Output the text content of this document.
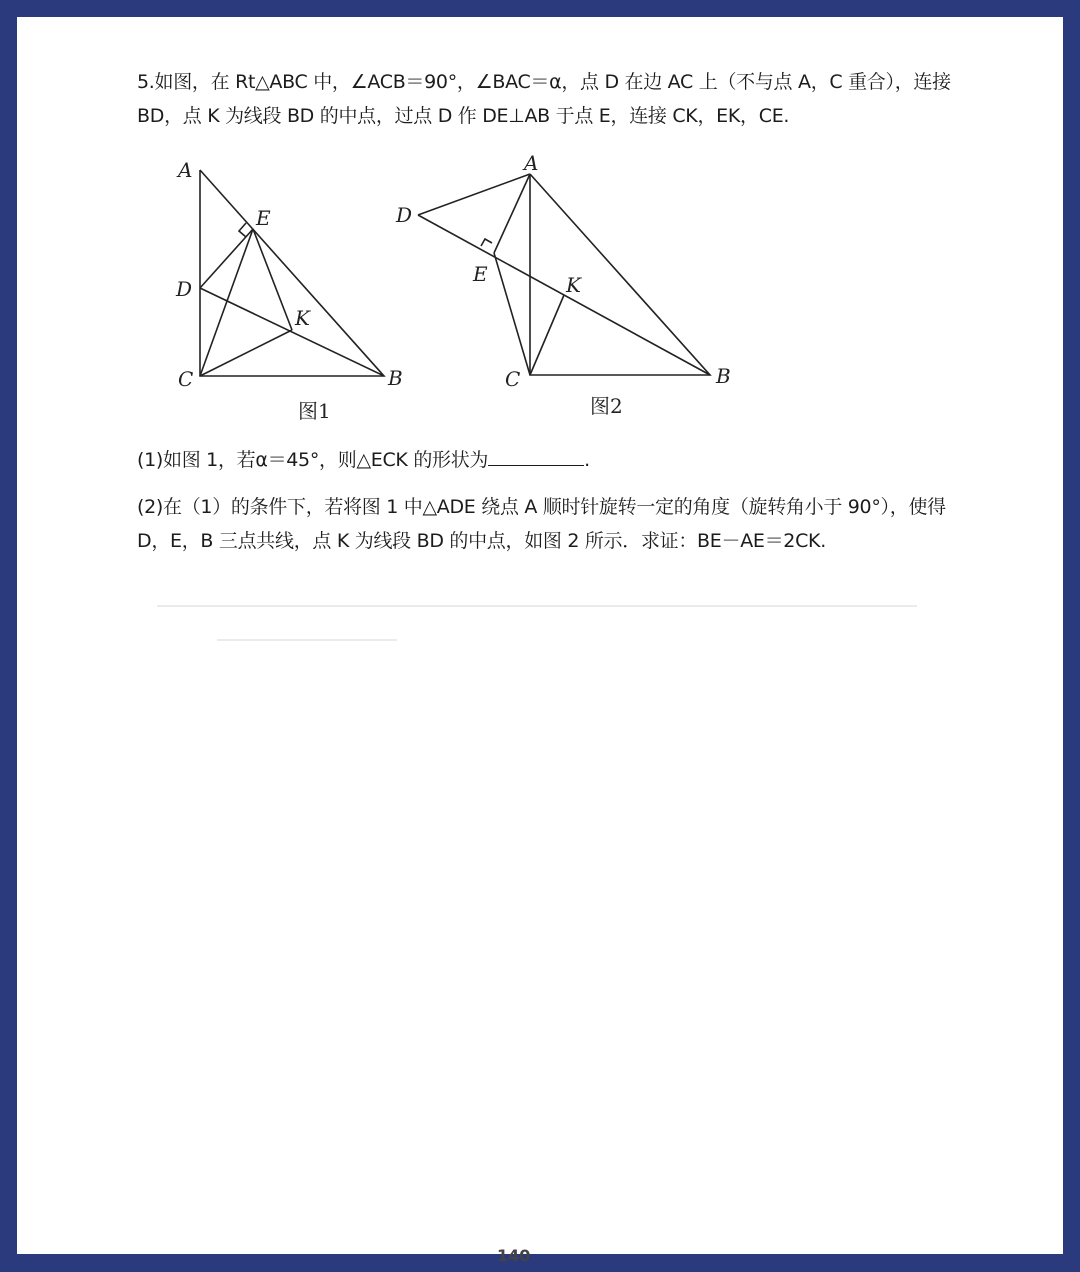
5.如图，在 Rt△ABC 中，∠ACB＝90°，∠BAC＝α，点 D 在边 AC 上（不与点 A，C 重合），连接
BD，点 K 为线段 BD 的中点，过点 D 作 DE⊥AB 于点 E，连接 CK，EK，CE.
A
E
D
K
C	B
图1
A
D
E	K
C	B
图2
(1)如图 1，若α＝45°，则△ECK 的形状为	.
(2)在（1）的条件下，若将图 1 中△ADE 绕点 A 顺时针旋转一定的角度（旋转角小于 90°），使得
D，E，B 三点共线，点 K 为线段 BD 的中点，如图 2 所示．求证：BE－AE＝2CK.
140
